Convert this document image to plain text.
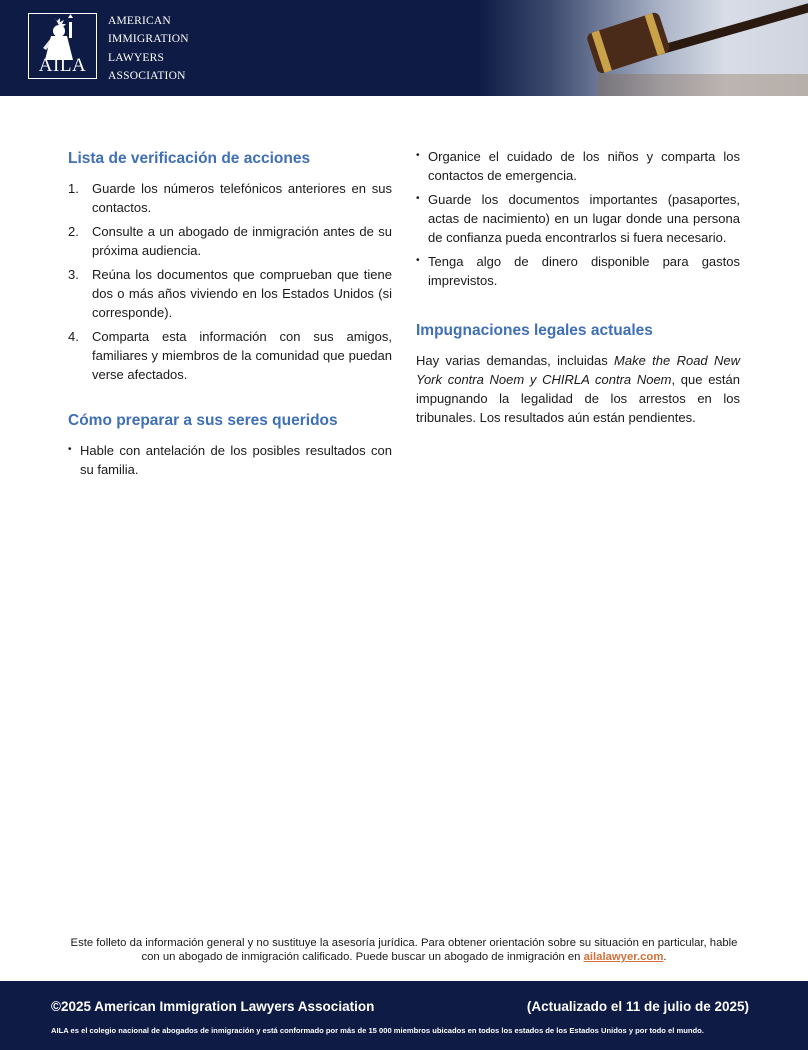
AILA
AMERICAN
IMMIGRATION
LAWYERS
ASSOCIATION
Lista de verificación de acciones
1.	Guarde los números telefónicos anteriores en sus contactos.
2.	Consulte a un abogado de inmigración antes de su próxima audiencia.
3.	Reúna los documentos que comprueban que tiene dos o más años viviendo en los Estados Unidos (si corresponde).
4.	Comparta esta información con sus amigos, familiares y miembros de la comunidad que puedan verse afectados.
Cómo preparar a sus seres queridos
• Hable con antelación de los posibles resultados con su familia.
• Organice el cuidado de los niños y comparta los contactos de emergencia.
• Guarde los documentos importantes (pasaportes, actas de nacimiento) en un lugar donde una persona de confianza pueda encontrarlos si fuera necesario.
• Tenga algo de dinero disponible para gastos imprevistos.
Impugnaciones legales actuales

Hay varias demandas, incluidas Make the Road New York contra Noem y CHIRLA contra Noem, que están impugnando la legalidad de los arrestos en los tribunales. Los resultados aún están pendientes.

Este folleto da información general y no sustituye la asesoría jurídica. Para obtener orientación sobre su situación en particular, hable con un abogado de inmigración calificado. Puede buscar un abogado de inmigración en ailalawyer.com.
©2025 American Immigration Lawyers Association	(Actualizado el 11 de julio de 2025)
AILA es el colegio nacional de abogados de inmigración y está conformado por más de 15 000 miembros ubicados en todos los estados de los Estados Unidos y por todo el mundo.
